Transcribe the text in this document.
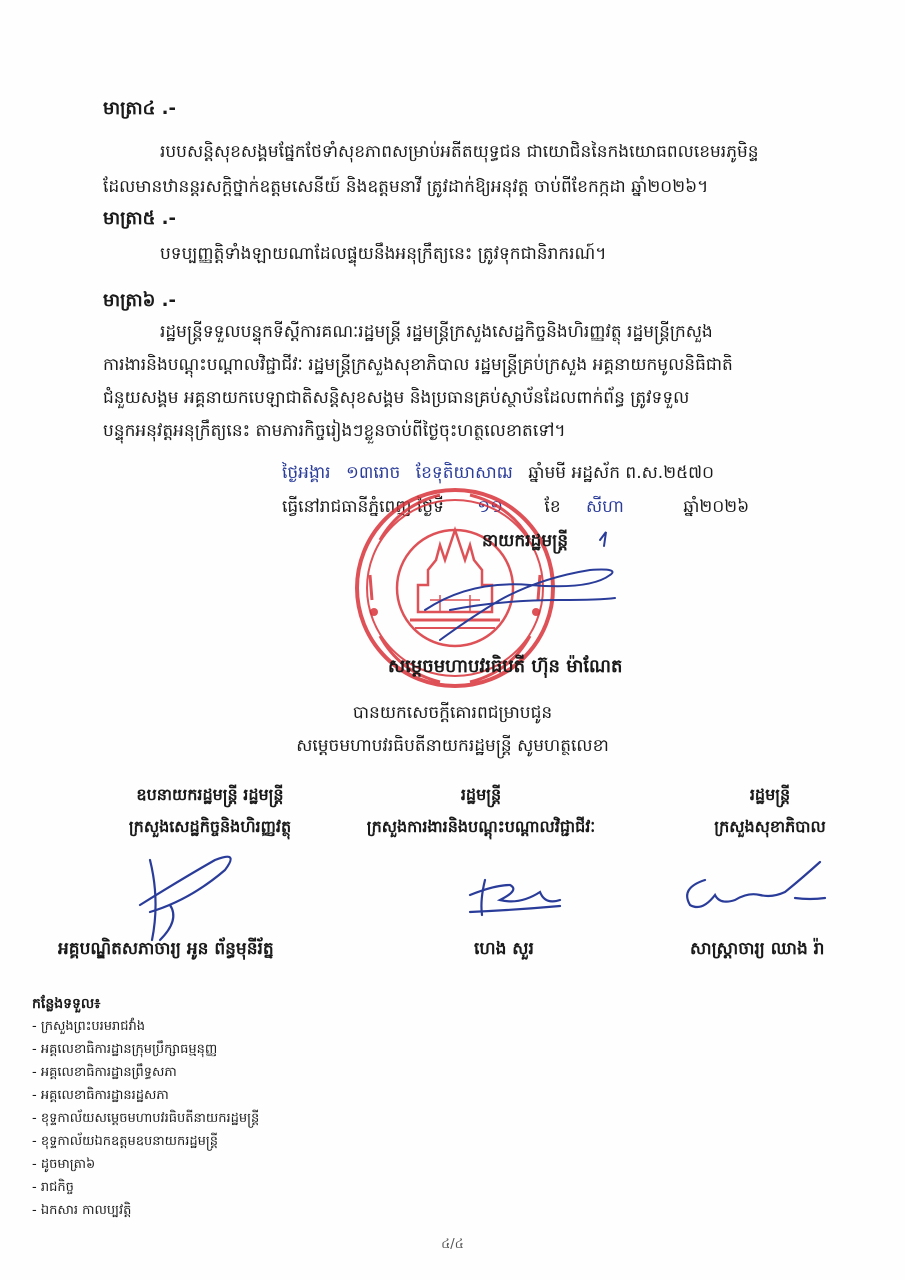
មាត្រា៤ .-
របបសន្តិសុខសង្គមផ្នែកថែទាំសុខភាពសម្រាប់អតីតយុទ្ធជន ជាយោជិននៃកងយោធពលខេមរភូមិន្ទ
ដែលមានឋានន្តរសក្តិថ្នាក់ឧត្តមសេនីយ៍ និងឧត្តមនាវី ត្រូវដាក់ឱ្យអនុវត្ត ចាប់ពីខែកក្កដា ឆ្នាំ២០២៦។
មាត្រា៥ .-
បទប្បញ្ញត្តិទាំងឡាយណាដែលផ្ទុយនឹងអនុក្រឹត្យនេះ ត្រូវទុកជានិរាករណ៍។
មាត្រា៦ .-
រដ្ឋមន្ត្រីទទួលបន្ទុកទីស្តីការគណៈរដ្ឋមន្ត្រី រដ្ឋមន្ត្រីក្រសួងសេដ្ឋកិច្ចនិងហិរញ្ញវត្ថុ រដ្ឋមន្ត្រីក្រសួង
ការងារនិងបណ្តុះបណ្តាលវិជ្ជាជីវៈ រដ្ឋមន្ត្រីក្រសួងសុខាភិបាល រដ្ឋមន្ត្រីគ្រប់ក្រសួង អគ្គនាយកមូលនិធិជាតិ
ជំនួយសង្គម អគ្គនាយកបេឡាជាតិសន្តិសុខសង្គម និងប្រធានគ្រប់ស្ថាប័នដែលពាក់ព័ន្ធ ត្រូវទទួល
បន្ទុកអនុវត្តអនុក្រឹត្យនេះ តាមភារកិច្ចរៀងៗខ្លួនចាប់ពីថ្ងៃចុះហត្ថលេខាតទៅ។
ថ្ងៃអង្គារ ១៣រោច ខែទុតិយាសាឍ ឆ្នាំមមី អដ្ឋស័ក ព.ស.២៥៧០
ធ្វើនៅរាជធានីភ្នំពេញ ថ្ងៃទី ១១ ខែ សីហា	ឆ្នាំ២០២៦
នាយករដ្ឋមន្ត្រី
សម្តេចមហាបវរធិបតី ហ៊ុន ម៉ាណែត
បានយកសេចក្តីគោរពជម្រាបជូន
សម្តេចមហាបវរធិបតីនាយករដ្ឋមន្ត្រី សូមហត្ថលេខា
ឧបនាយករដ្ឋមន្ត្រី រដ្ឋមន្ត្រី
ក្រសួងសេដ្ឋកិច្ចនិងហិរញ្ញវត្ថុ
រដ្ឋមន្ត្រី
ក្រសួងការងារនិងបណ្តុះបណ្តាលវិជ្ជាជីវៈ
រដ្ឋមន្ត្រី
ក្រសួងសុខាភិបាល
អគ្គបណ្ឌិតសភាចារ្យ អូន ព័ន្ធមុនីរ័ត្ន	ហេង សួរ	សាស្ត្រាចារ្យ ឈាង រ៉ា
កន្លែងទទួល៖
- ក្រសួងព្រះបរមរាជវាំង
- អគ្គលេខាធិការដ្ឋានក្រុមប្រឹក្សាធម្មនុញ្ញ
- អគ្គលេខាធិការដ្ឋានព្រឹទ្ធសភា
- អគ្គលេខាធិការដ្ឋានរដ្ឋសភា
- ខុទ្ទកាល័យសម្តេចមហាបវរធិបតីនាយករដ្ឋមន្ត្រី
- ខុទ្ទកាល័យឯកឧត្តមឧបនាយករដ្ឋមន្ត្រី
- ដូចមាត្រា៦
- រាជកិច្ច
- ឯកសារ កាលប្បវត្តិ
៤/៤
